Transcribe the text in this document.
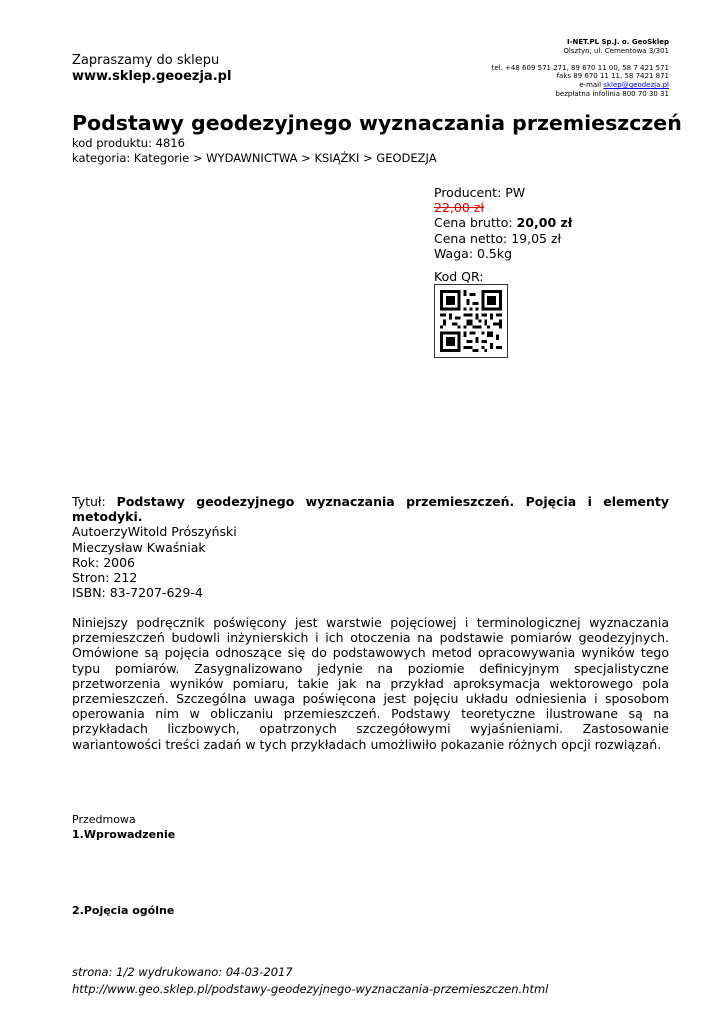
Zapraszamy do sklepu
www.sklep.geoezja.pl
I-NET.PL Sp.J. o. GeoSklep
Olsztyn, ul. Cementowa 3/301
tel. +48 609 571 271, 89 670 11 00, 58 7 421 571
faks 89 670 11 11, 58 7421 871
e-mail sklep@geodezja.pl
bezpłatna infolinia 800 70 30 31
Podstawy geodezyjnego wyznaczania przemieszczeń
kod produktu: 4816
kategoria: Kategorie > WYDAWNICTWA > KSIĄŻKI > GEODEZJA
Producent: PW
22,00 zł
Cena brutto: 20,00 zł
Cena netto: 19,05 zł
Waga: 0.5kg
Kod QR:
Tytuł: Podstawy geodezyjnego wyznaczania przemieszczeń. Pojęcia i elementy metodyki.
AutoerzyWitold Prószyński
Mieczysław Kwaśniak
Rok: 2006
Stron: 212
ISBN: 83-7207-629-4
Niniejszy podręcznik poświęcony jest warstwie pojęciowej i terminologicznej wyznaczania przemieszczeń budowli inżynierskich i ich otoczenia na podstawie pomiarów geodezyjnych. Omówione są pojęcia odnoszące się do podstawowych metod opracowywania wyników tego typu pomiarów. Zasygnalizowano jedynie na poziomie definicyjnym specjalistyczne przetworzenia wyników pomiaru, takie jak na przykład aproksymacja wektorowego pola przemieszczeń. Szczególna uwaga poświęcona jest pojęciu układu odniesienia i sposobom operowania nim w obliczaniu przemieszczeń. Podstawy teoretyczne ilustrowane są na przykładach liczbowych, opatrzonych szczegółowymi wyjaśnieniami. Zastosowanie wariantowości treści zadań w tych przykładach umożliwiło pokazanie różnych opcji rozwiązań.
Przedmowa
1.Wprowadzenie
2.Pojęcia ogólne
strona: 1/2 wydrukowano: 04-03-2017
http://www.geo.sklep.pl/podstawy-geodezyjnego-wyznaczania-przemieszczen.html
